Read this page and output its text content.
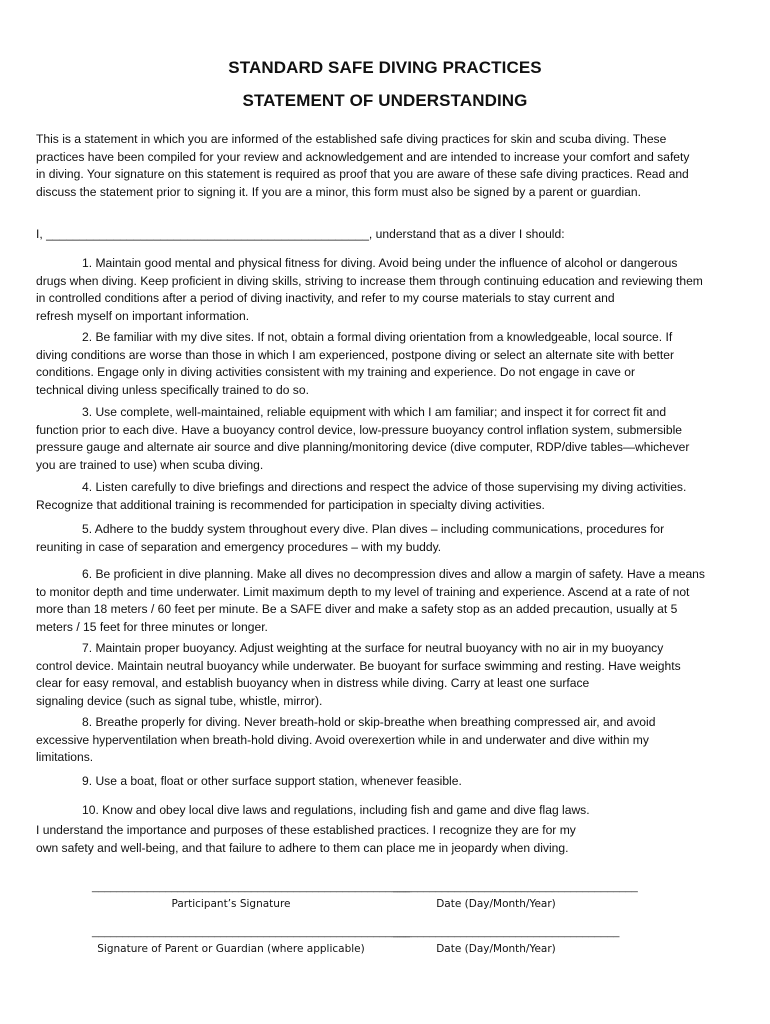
STANDARD SAFE DIVING PRACTICES
STATEMENT OF UNDERSTANDING

This is a statement in which you are informed of the established safe diving practices for skin and scuba diving. These
practices have been compiled for your review and acknowledgement and are intended to increase your comfort and safety
in diving. Your signature on this statement is required as proof that you are aware of these safe diving practices. Read and
discuss the statement prior to signing it. If you are a minor, this form must also be signed by a parent or guardian.

I, ________________________________________________, understand that as a diver I should:

1. Maintain good mental and physical fitness for diving. Avoid being under the influence of alcohol or dangerous
drugs when diving. Keep proficient in diving skills, striving to increase them through continuing education and reviewing them
in controlled conditions after a period of diving inactivity, and refer to my course materials to stay current and
refresh myself on important information.

2. Be familiar with my dive sites. If not, obtain a formal diving orientation from a knowledgeable, local source. If
diving conditions are worse than those in which I am experienced, postpone diving or select an alternate site with better
conditions. Engage only in diving activities consistent with my training and experience. Do not engage in cave or
technical diving unless specifically trained to do so.

3. Use complete, well-maintained, reliable equipment with which I am familiar; and inspect it for correct fit and
function prior to each dive. Have a buoyancy control device, low-pressure buoyancy control inflation system, submersible
pressure gauge and alternate air source and dive planning/monitoring device (dive computer, RDP/dive tables—whichever
you are trained to use) when scuba diving.

4. Listen carefully to dive briefings and directions and respect the advice of those supervising my diving activities.
Recognize that additional training is recommended for participation in specialty diving activities.

5. Adhere to the buddy system throughout every dive. Plan dives – including communications, procedures for
reuniting in case of separation and emergency procedures – with my buddy.

6. Be proficient in dive planning. Make all dives no decompression dives and allow a margin of safety. Have a means
to monitor depth and time underwater. Limit maximum depth to my level of training and experience. Ascend at a rate of not
more than 18 meters / 60 feet per minute. Be a SAFE diver and make a safety stop as an added precaution, usually at 5
meters / 15 feet for three minutes or longer.

7. Maintain proper buoyancy. Adjust weighting at the surface for neutral buoyancy with no air in my buoyancy
control device. Maintain neutral buoyancy while underwater. Be buoyant for surface swimming and resting. Have weights
clear for easy removal, and establish buoyancy when in distress while diving. Carry at least one surface
signaling device (such as signal tube, whistle, mirror).

8. Breathe properly for diving. Never breath-hold or skip-breathe when breathing compressed air, and avoid
excessive hyperventilation when breath-hold diving. Avoid overexertion while in and underwater and dive within my
limitations.

9. Use a boat, float or other surface support station, whenever feasible.

10. Know and obey local dive laws and regulations, including fish and game and dive flag laws.

I understand the importance and purposes of these established practices. I recognize they are for my
own safety and well-being, and that failure to adhere to them can place me in jeopardy when diving.

____________________________________________________
Participant’s Signature
________________________________________
Date (Day/Month/Year)
____________________________________________________
Signature of Parent or Guardian (where applicable)
_____________________________________
Date (Day/Month/Year)
